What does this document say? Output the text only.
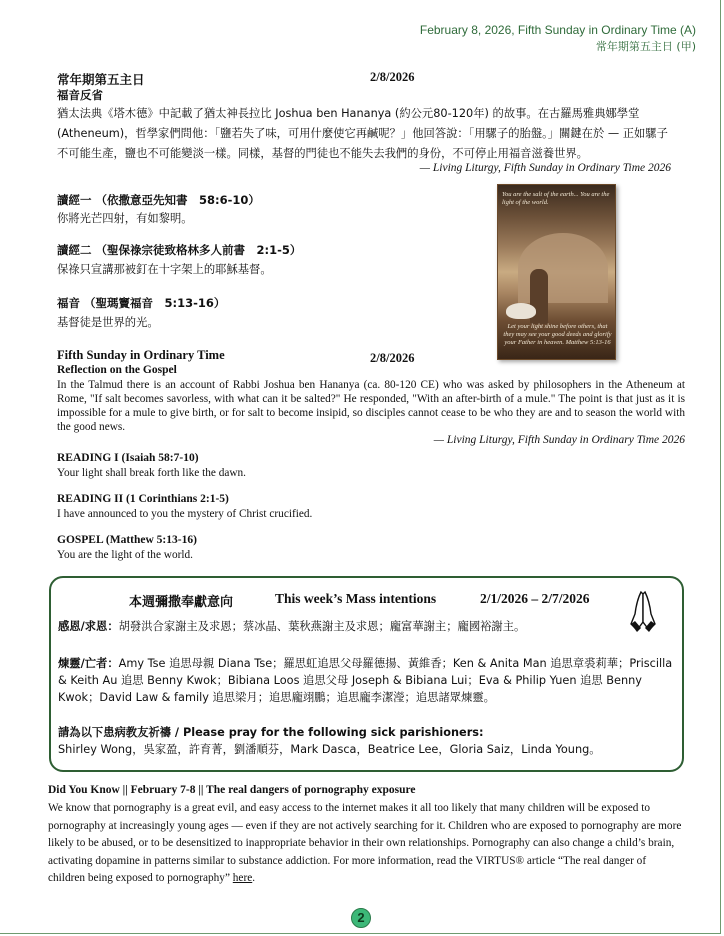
February 8, 2026, Fifth Sunday in Ordinary Time (A)
常年期第五主日 (甲)
常年期第五主日	2/8/2026
福音反省
猶太法典《塔木德》中記載了猶太神長拉比 Joshua ben Hananya (約公元80-120年) 的故事。在古羅馬雅典娜學堂 (Atheneum)，哲學家們問他：「鹽若失了味，可用什麼使它再鹹呢？」他回答說：「用騾子的胎盤。」關鍵在於 — 正如騾子不可能生產，鹽也不可能變淡一樣。同樣，基督的門徒也不能失去我們的身份，不可停止用福音滋養世界。
— Living Liturgy, Fifth Sunday in Ordinary Time 2026
讀經一 （依撒意亞先知書　58:6-10）
你將光芒四射，有如黎明。
讀經二 （聖保祿宗徒致格林多人前書　2:1-5）
保祿只宣講那被釘在十字架上的耶穌基督。
福音 （聖瑪竇福音　5:13-16）
基督徒是世界的光。
You are the salt of the earth... You are the light of the world.
Let your light shine before others, that they may see your good deeds and glorify your Father in heaven. Matthew 5:13-16
Fifth Sunday in Ordinary Time	2/8/2026
Reflection on the Gospel
In the Talmud there is an account of Rabbi Joshua ben Hananya (ca. 80-120 CE) who was asked by philosophers in the Atheneum at Rome, "If salt becomes savorless, with what can it be salted?" He responded, "With an after-birth of a mule." The point is that just as it is impossible for a mule to give birth, or for salt to become insipid, so disciples cannot cease to be who they are and to season the world with the good news.
— Living Liturgy, Fifth Sunday in Ordinary Time 2026
READING I (Isaiah 58:7-10)
Your light shall break forth like the dawn.
READING II (1 Corinthians 2:1-5)
I have announced to you the mystery of Christ crucified.
GOSPEL (Matthew 5:13-16)
You are the light of the world.
本週彌撒奉獻意向	This week’s Mass intentions	2/1/2026 – 2/7/2026
感恩/求恩：胡發洪合家謝主及求恩；蔡冰晶、葉秋燕謝主及求恩；龐富華謝主；龐國裕謝主。
煉靈/亡者：Amy Tse 追思母親 Diana Tse；羅思虹追思父母羅德揚、黃維香；Ken & Anita Man 追思章裘莉華；Priscilla & Keith Au 追思 Benny Kwok；Bibiana Loos 追思父母 Joseph & Bibiana Lui；Eva & Philip Yuen 追思 Benny Kwok；David Law & family 追思梁月；追思龐翊鵬；追思龐李潔瀅；追思諸眾煉靈。
請為以下患病教友祈禱 / Please pray for the following sick parishioners:
Shirley Wong，吳家盈，許育菁，劉潘順芬，Mark Dasca，Beatrice Lee，Gloria Saiz，Linda Young。
Did You Know || February 7-8 || The real dangers of pornography exposure
We know that pornography is a great evil, and easy access to the internet makes it all too likely that many children will be exposed to pornography at increasingly young ages — even if they are not actively searching for it. Children who are exposed to pornography are more likely to be abused, or to be desensitized to inappropriate behavior in their own relationships. Pornography can also change a child’s brain, activating dopamine in patterns similar to substance addiction. For more information, read the VIRTUS® article “The real danger of children being exposed to pornography” here.
2
